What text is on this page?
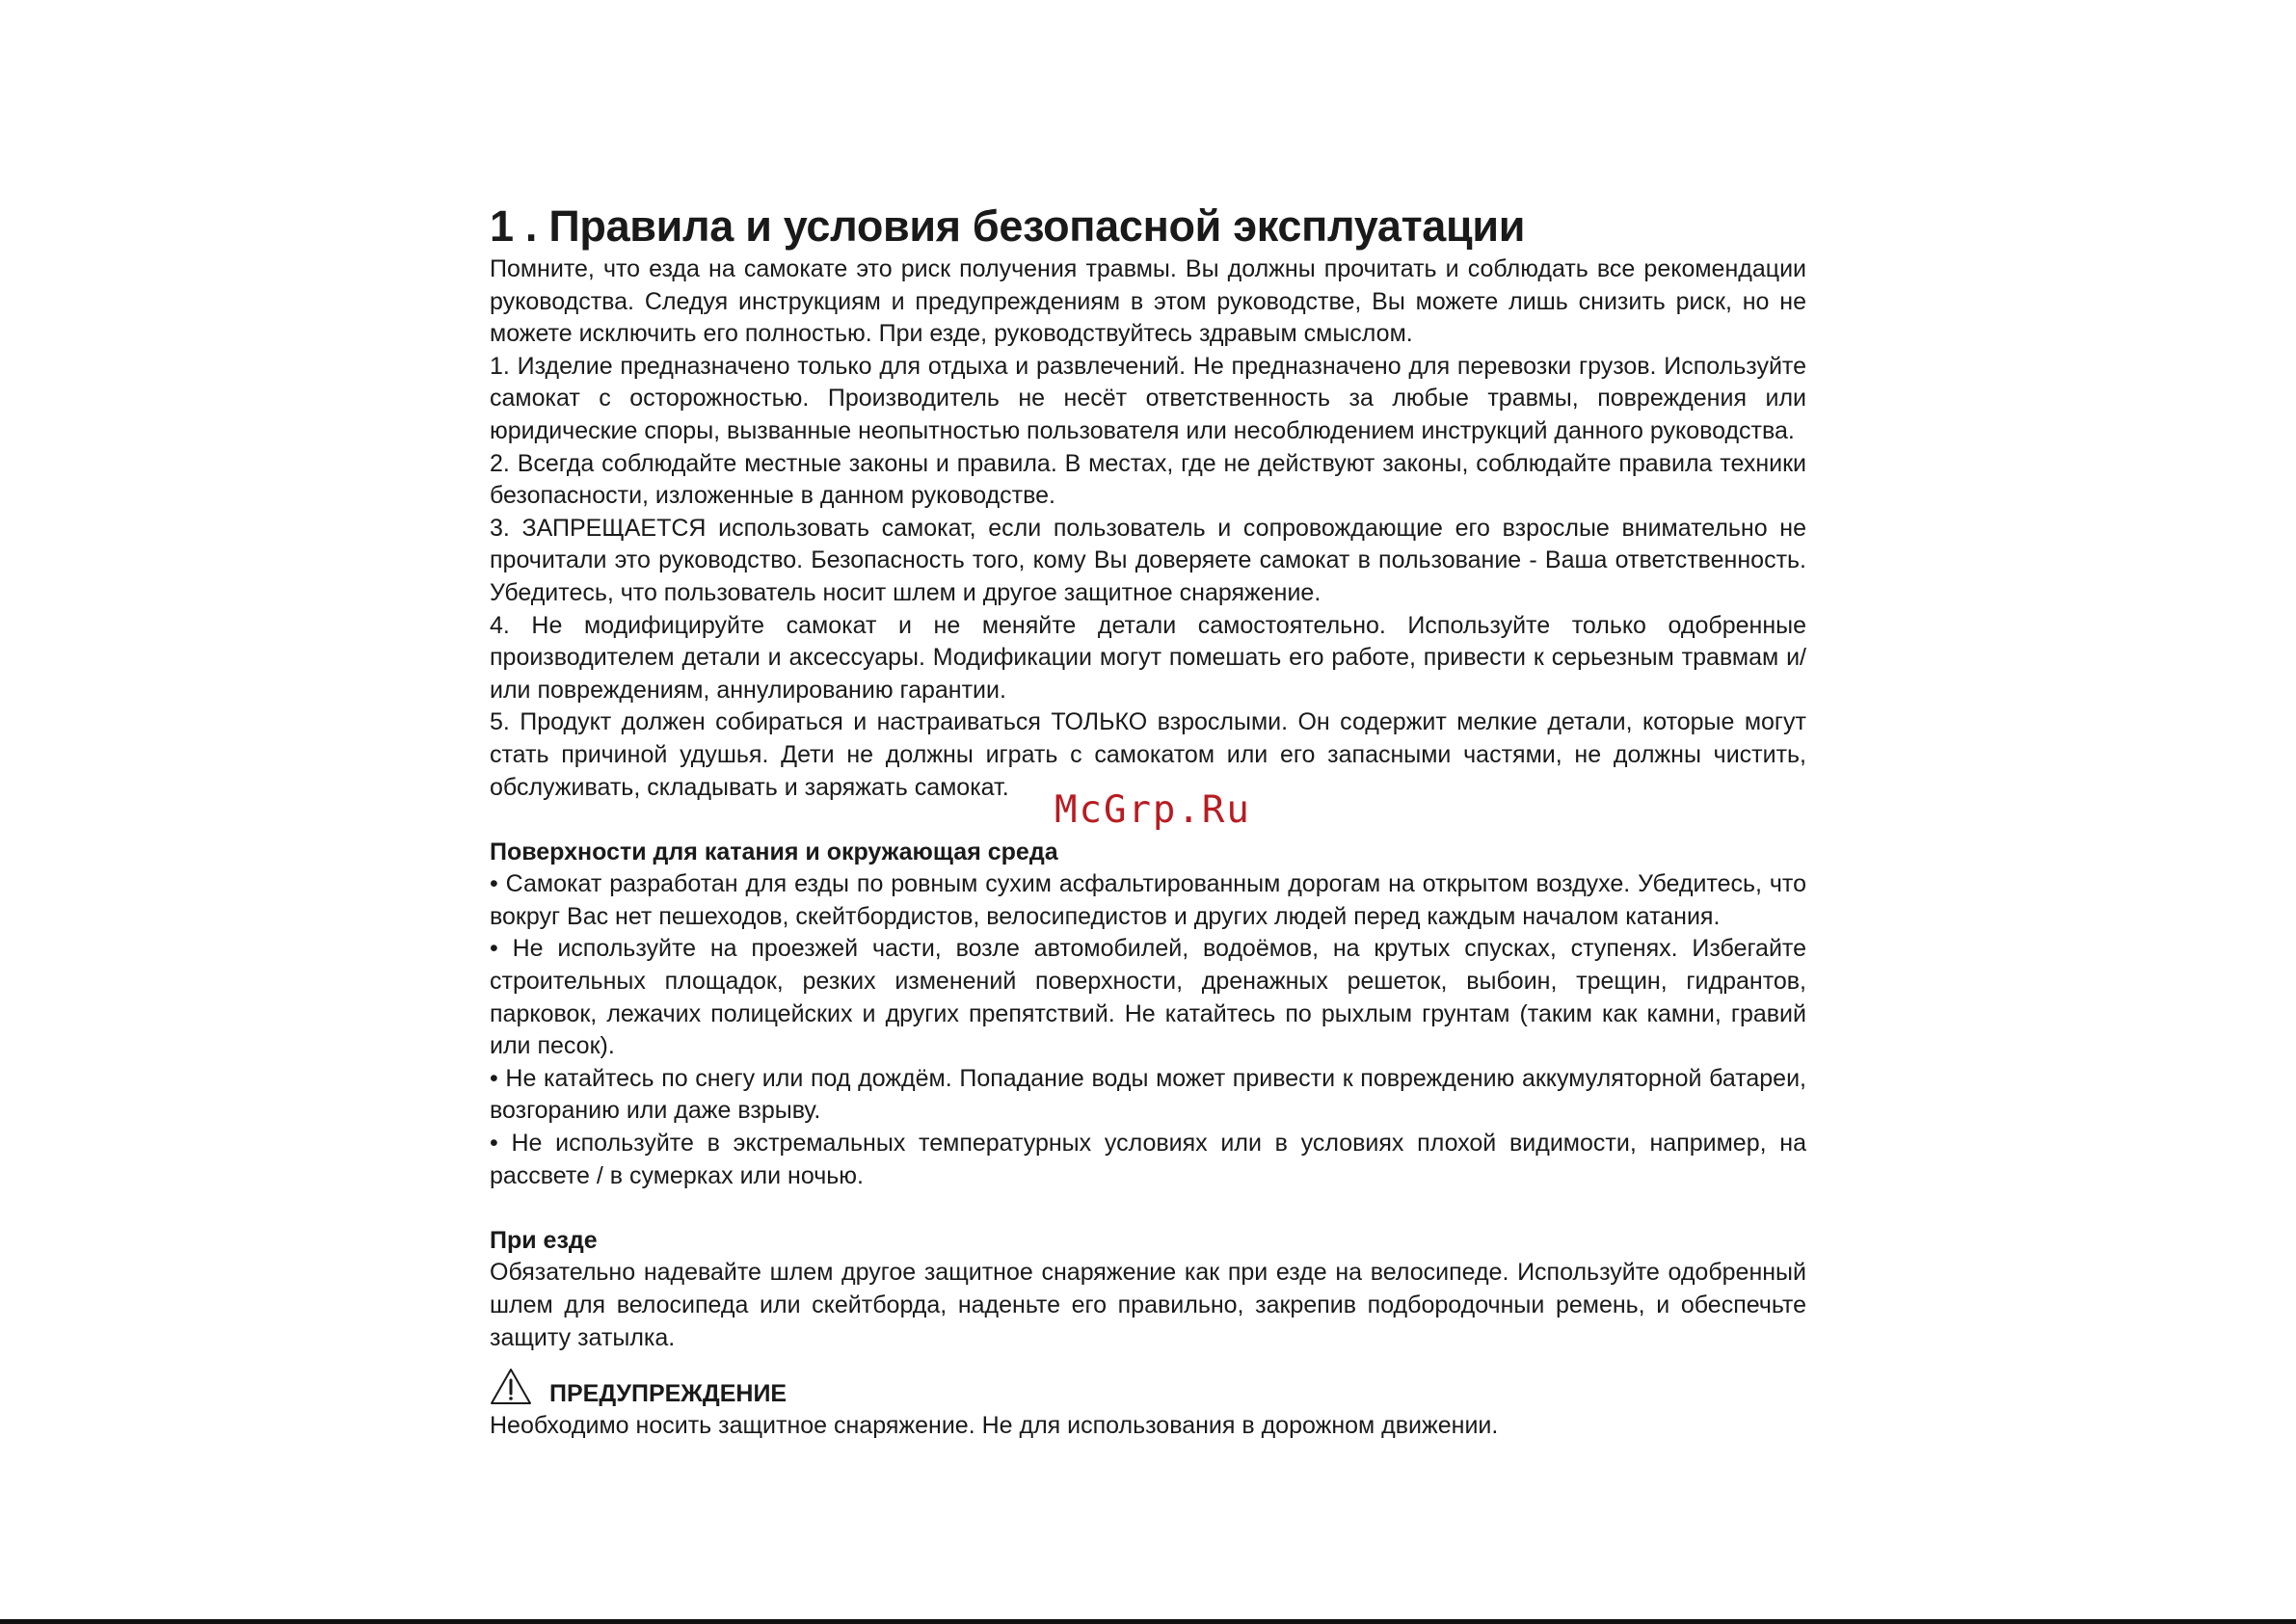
1 . Правила и условия безопасной эксплуатации

Помните, что езда на самокате это риск получения травмы. Вы должны прочитать и соблюдать все рекомендации руководства. Следуя инструкциям и предупреждениям в этом руководстве, Вы можете лишь снизить риск, но не можете исключить его полностью. При езде, руководствуйтесь здравым смыслом.

1. Изделие предназначено только для отдыха и развлечений. Не предназначено для перевозки грузов. Используйте самокат с осторожностью. Производитель не несёт ответственность за любые травмы, повреждения или юридические споры, вызванные неопытностью пользователя или несоблюдением инструкций данного руководства.

2. Всегда соблюдайте местные законы и правила. В местах, где не действуют законы, соблюдайте правила техники безопасности, изложенные в данном руководстве.

3. ЗАПРЕЩАЕТСЯ использовать самокат, если пользователь и сопровождающие его взрослые внимательно не прочитали это руководство. Безопасность того, кому Вы доверяете самокат в пользование - Ваша ответственность. Убедитесь, что пользователь носит шлем и другое защитное снаряжение.

4. Не модифицируйте самокат и не меняйте детали самостоятельно. Используйте только одобренные производителем детали и аксессуары. Модификации могут помешать его работе, привести к серьезным травмам и/или повреждениям, аннулированию гарантии.

5. Продукт должен собираться и настраиваться ТОЛЬКО взрослыми. Он содержит мелкие детали, которые могут стать причиной удушья. Дети не должны играть с самокатом или его запасными частями, не должны чистить, обслуживать, складывать и заряжать самокат.

Поверхности для катания и окружающая среда

• Самокат разработан для езды по ровным сухим асфальтированным дорогам на открытом воздухе. Убедитесь, что вокруг Вас нет пешеходов, скейтбордистов, велосипедистов и других людей перед каждым началом катания.

• Не используйте на проезжей части, возле автомобилей, водоёмов, на крутых спусках, ступенях. Избегайте строительных площадок, резких изменений поверхности, дренажных решеток, выбоин, трещин, гидрантов, парковок, лежачих полицейских и других препятствий. Не катайтесь по рыхлым грунтам (таким как камни, гравий или песок).

• Не катайтесь по снегу или под дождём. Попадание воды может привести к повреждению аккумуляторной батареи, возгоранию или даже взрыву.

• Не используйте в экстремальных температурных условиях или в условиях плохой видимости, например, на рассвете / в сумерках или ночью.

При езде

Обязательно надевайте шлем другое защитное снаряжение как при езде на велосипеде. Используйте одобренный шлем для велосипеда или скейтборда, наденьте его правильно, закрепив подбородочныи ремень, и обеспечьте защиту затылка.

ПРЕДУПРЕЖДЕНИЕ

Необходимо носить защитное снаряжение. Не для использования в дорожном движении.

McGrp.Ru
